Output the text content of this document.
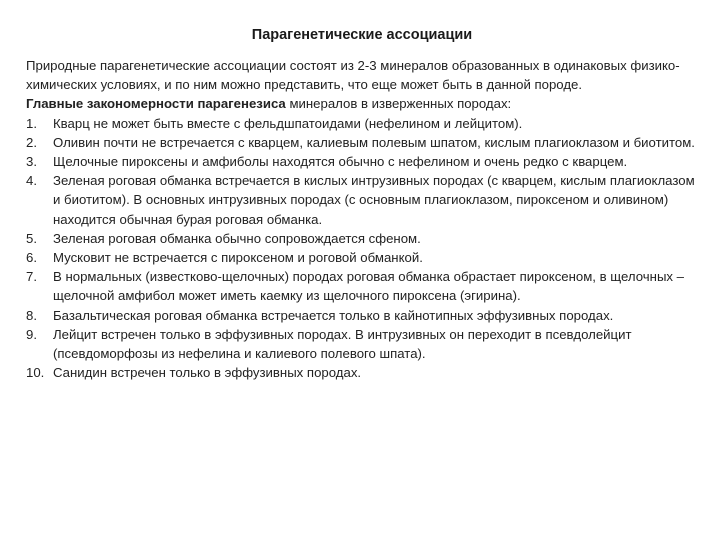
Парагенетические ассоциации

Природные парагенетические ассоциации состоят из 2-3 минералов образованных в одинаковых физико-химических условиях, и по ним можно представить, что еще может быть в данной породе.

Главные закономерности парагенезиса минералов в изверженных породах:

1.	Кварц не может быть вместе с фельдшпатоидами (нефелином и лейцитом).
2.	Оливин почти не встречается с кварцем, калиевым полевым шпатом, кислым плагиоклазом и биотитом.
3.	Щелочные пироксены и амфиболы находятся обычно с нефелином и очень редко с кварцем.
4.	Зеленая роговая обманка встречается в кислых интрузивных породах (с кварцем, кислым плагиоклазом и биотитом). В основных интрузивных породах (с основным плагиоклазом, пироксеном и оливином) находится обычная бурая роговая обманка.
5.	Зеленая роговая обманка обычно сопровождается сфеном.
6.	Мусковит не встречается с пироксеном и роговой обманкой.
7.	В нормальных (известково-щелочных) породах роговая обманка обрастает пироксеном, в щелочных – щелочной амфибол может иметь каемку из щелочного пироксена (эгирина).
8.	Базальтическая роговая обманка встречается только в кайнотипных эффузивных породах.
9.	Лейцит встречен только в эффузивных породах. В интрузивных он переходит в псевдолейцит (псевдоморфозы из нефелина и калиевого полевого шпата).
10. Санидин встречен только в эффузивных породах.
